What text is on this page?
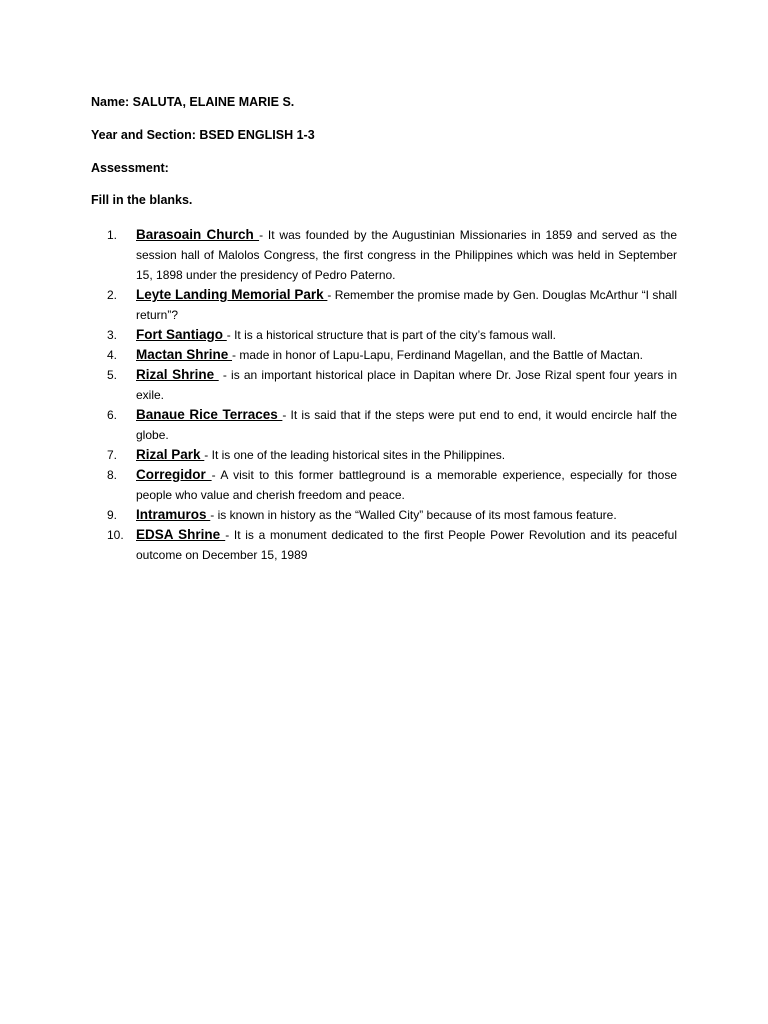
Name: SALUTA, ELAINE MARIE S.
Year and Section: BSED ENGLISH 1-3
Assessment:
Fill in the blanks.
1.	Barasoain Church - It was founded by the Augustinian Missionaries in 1859 and served as the session hall of Malolos Congress, the first congress in the Philippines which was held in September 15, 1898 under the presidency of Pedro Paterno.
2.	Leyte Landing Memorial Park - Remember the promise made by Gen. Douglas McArthur “I shall return”?
3.	Fort Santiago - It is a historical structure that is part of the city’s famous wall.
4.	Mactan Shrine - made in honor of Lapu-Lapu, Ferdinand Magellan, and the Battle of Mactan.
5.	Rizal Shrine  - is an important historical place in Dapitan where Dr. Jose Rizal spent four years in exile.
6.	Banaue Rice Terraces - It is said that if the steps were put end to end, it would encircle half the globe.
7.	Rizal Park - It is one of the leading historical sites in the Philippines.
8.	Corregidor - A visit to this former battleground is a memorable experience, especially for those people who value and cherish freedom and peace.
9.	Intramuros - is known in history as the “Walled City” because of its most famous feature.
10. EDSA Shrine - It is a monument dedicated to the first People Power Revolution and its peaceful outcome on December 15, 1989
